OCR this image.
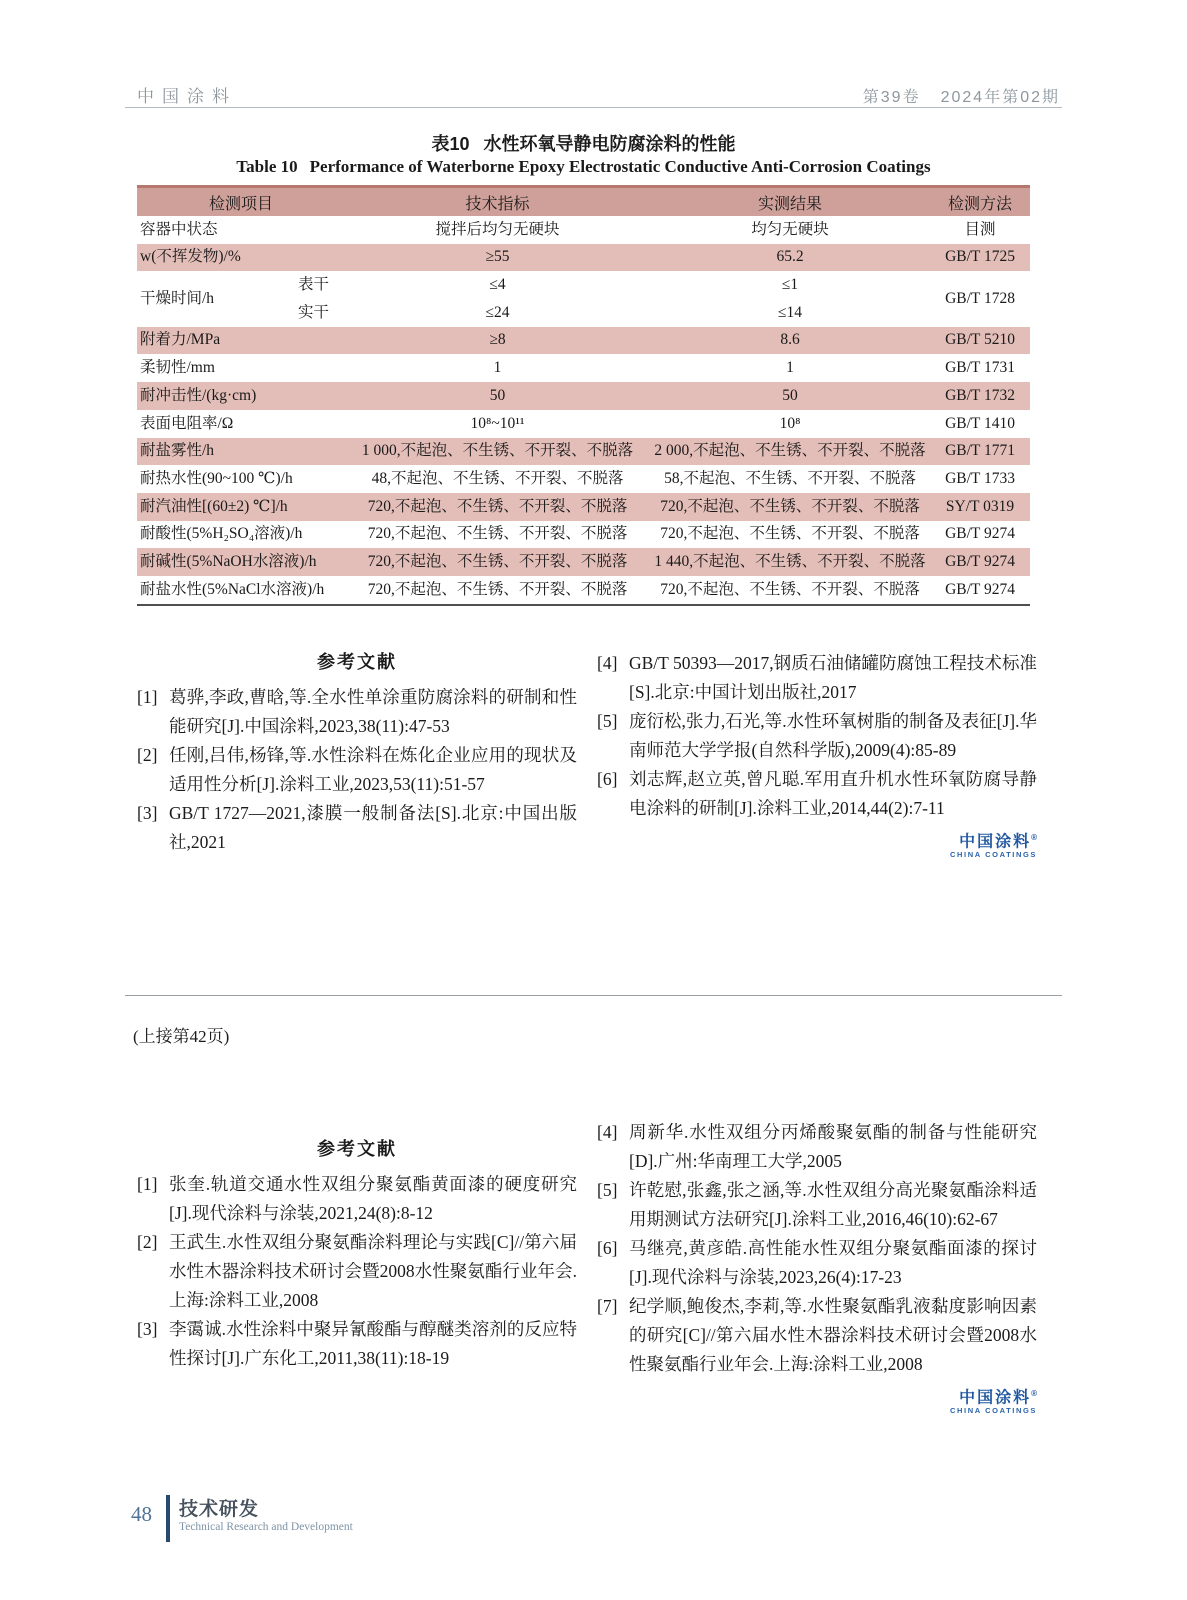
中国涂料	第39卷 2024年第02期
表10 水性环氧导静电防腐涂料的性能
Table 10 Performance of Waterborne Epoxy Electrostatic Conductive Anti-Corrosion Coatings
检测项目		技术指标	实测结果	检测方法
容器中状态		搅拌后均匀无硬块	均匀无硬块	目测
w(不挥发物)/%		≥55	65.2	GB/T 1725
干燥时间/h	表干	≤4	≤1	GB/T 1728
	实干	≤24	≤14	
附着力/MPa		≥8	8.6	GB/T 5210
柔韧性/mm		1	1	GB/T 1731
耐冲击性/(kg·cm)		50	50	GB/T 1732
表面电阻率/Ω		10⁸~10¹¹	10⁸	GB/T 1410
耐盐雾性/h		1 000,不起泡、不生锈、不开裂、不脱落	2 000,不起泡、不生锈、不开裂、不脱落	GB/T 1771
耐热水性(90~100 ℃)/h		48,不起泡、不生锈、不开裂、不脱落	58,不起泡、不生锈、不开裂、不脱落	GB/T 1733
耐汽油性[(60±2) ℃]/h		720,不起泡、不生锈、不开裂、不脱落	720,不起泡、不生锈、不开裂、不脱落	SY/T 0319
耐酸性(5%H₂SO₄溶液)/h		720,不起泡、不生锈、不开裂、不脱落	720,不起泡、不生锈、不开裂、不脱落	GB/T 9274
耐碱性(5%NaOH水溶液)/h		720,不起泡、不生锈、不开裂、不脱落	1 440,不起泡、不生锈、不开裂、不脱落	GB/T 9274
耐盐水性(5%NaCl水溶液)/h		720,不起泡、不生锈、不开裂、不脱落	720,不起泡、不生锈、不开裂、不脱落	GB/T 9274
参考文献
[1] 葛骅,李政,曹晗,等.全水性单涂重防腐涂料的研制和性能研究[J].中国涂料,2023,38(11):47-53
[2] 任刚,吕伟,杨锋,等.水性涂料在炼化企业应用的现状及适用性分析[J].涂料工业,2023,53(11):51-57
[3] GB/T 1727—2021,漆膜一般制备法[S].北京:中国出版社,2021
[4] GB/T 50393—2017,钢质石油储罐防腐蚀工程技术标准[S].北京:中国计划出版社,2017
[5] 庞衍松,张力,石光,等.水性环氧树脂的制备及表征[J].华南师范大学学报(自然科学版),2009(4):85-89
[6] 刘志辉,赵立英,曾凡聪.军用直升机水性环氧防腐导静电涂料的研制[J].涂料工业,2014,44(2):7-11
中国涂料®
CHINA COATINGS
(上接第42页)
参考文献
[1] 张奎.轨道交通水性双组分聚氨酯黄面漆的硬度研究[J].现代涂料与涂装,2021,24(8):8-12
[2] 王武生.水性双组分聚氨酯涂料理论与实践[C]//第六届水性木器涂料技术研讨会暨2008水性聚氨酯行业年会.上海:涂料工业,2008
[3] 李霭诚.水性涂料中聚异氰酸酯与醇醚类溶剂的反应特性探讨[J].广东化工,2011,38(11):18-19
[4] 周新华.水性双组分丙烯酸聚氨酯的制备与性能研究[D].广州:华南理工大学,2005
[5] 许乾慰,张鑫,张之涵,等.水性双组分高光聚氨酯涂料适用期测试方法研究[J].涂料工业,2016,46(10):62-67
[6] 马继亮,黄彦皓.高性能水性双组分聚氨酯面漆的探讨[J].现代涂料与涂装,2023,26(4):17-23
[7] 纪学顺,鲍俊杰,李莉,等.水性聚氨酯乳液黏度影响因素的研究[C]//第六届水性木器涂料技术研讨会暨2008水性聚氨酯行业年会.上海:涂料工业,2008
中国涂料®
CHINA COATINGS
48 技术研发
Technical Research and Development
